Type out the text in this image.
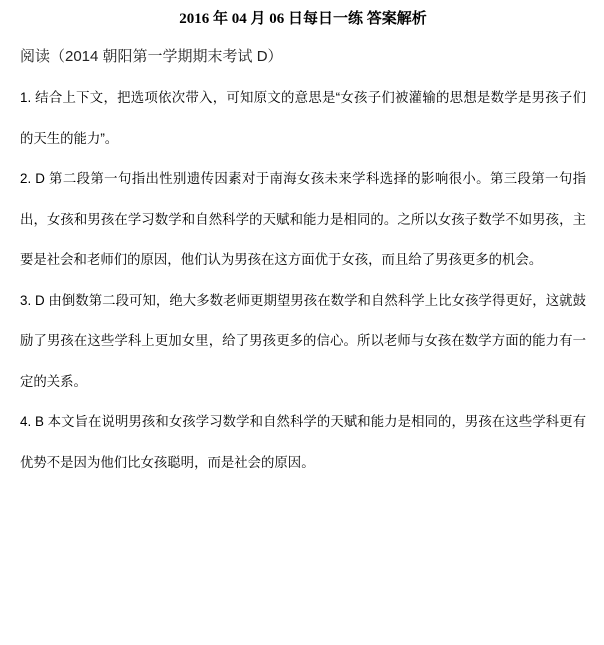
2016 年 04 月 06 日每日一练 答案解析
阅读（2014 朝阳第一学期期末考试 D）

1. 结合上下文，把选项依次带入，可知原文的意思是“女孩子们被灌输的思想是数学是男孩子们的天生的能力”。

2. D 第二段第一句指出性别遗传因素对于南海女孩未来学科选择的影响很小。第三段第一句指出，女孩和男孩在学习数学和自然科学的天赋和能力是相同的。之所以女孩子数学不如男孩，主要是社会和老师们的原因，他们认为男孩在这方面优于女孩，而且给了男孩更多的机会。

3. D 由倒数第二段可知，绝大多数老师更期望男孩在数学和自然科学上比女孩学得更好，这就鼓励了男孩在这些学科上更加女里，给了男孩更多的信心。所以老师与女孩在数学方面的能力有一定的关系。

4. B 本文旨在说明男孩和女孩学习数学和自然科学的天赋和能力是相同的，男孩在这些学科更有优势不是因为他们比女孩聪明，而是社会的原因。
